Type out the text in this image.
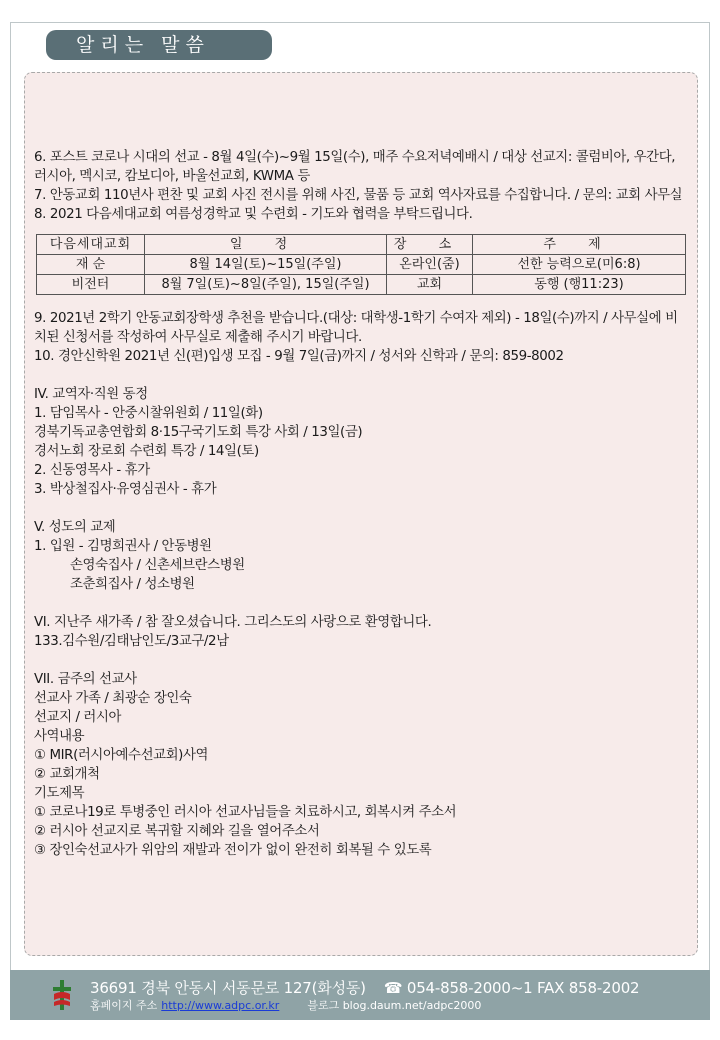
알리는 말씀

6. 포스트 코로나 시대의 선교 - 8월 4일(수)~9월 15일(수), 매주 수요저녁예배시 / 대상 선교지: 콜럼비아, 우간다, 러시아, 멕시코, 캄보디아, 바울선교회, KWMA 등

7. 안동교회 110년사 편찬 및 교회 사진 전시를 위해 사진, 물품 등 교회 역사자료를 수집합니다. / 문의: 교회 사무실

8. 2021 다음세대교회 여름성경학교 및 수련회 - 기도와 협력을 부탁드립니다.

다음세대교회	일 정	장 소	주 제
재 순	8월 14일(토)~15일(주일)	온라인(줌)	선한 능력으로(미6:8)
비전터	8월 7일(토)~8일(주일), 15일(주일)	교회	동행 (행11:23)

9. 2021년 2학기 안동교회장학생 추천을 받습니다.(대상: 대학생-1학기 수여자 제외) - 18일(수)까지 / 사무실에 비치된 신청서를 작성하여 사무실로 제출해 주시기 바랍니다.

10. 경안신학원 2021년 신(편)입생 모집 - 9월 7일(금)까지 / 성서와 신학과 / 문의: 859-8002

IV. 교역자·직원 동정

1. 담임목사 - 안중시찰위원회 / 11일(화)

경북기독교총연합회 8·15구국기도회 특강 사회 / 13일(금)

경서노회 장로회 수련회 특강 / 14일(토)

2. 신동영목사 - 휴가

3. 박상철집사·유영심권사 - 휴가

V. 성도의 교제

1. 입원 - 김명희권사 / 안동병원

손영숙집사 / 신촌세브란스병원

조춘희집사 / 성소병원

VI. 지난주 새가족 / 참 잘오셨습니다. 그리스도의 사랑으로 환영합니다.

133.김수원/김태남인도/3교구/2남

VII. 금주의 선교사

선교사 가족 / 최광순 장인숙

선교지 / 러시아

사역내용

① MIR(러시아예수선교회)사역

② 교회개척

기도제목

① 코로나19로 투병중인 러시아 선교사님들을 치료하시고, 회복시켜 주소서

② 러시아 선교지로 복귀할 지혜와 길을 열어주소서

③ 장인숙선교사가 위암의 재발과 전이가 없이 완전히 회복될 수 있도록

36691 경북 안동시 서동문로 127(화성동) ☎ 054-858-2000~1 FAX 858-2002
홈페이지 주소 http://www.adpc.or.kr	블로그 blog.daum.net/adpc2000
